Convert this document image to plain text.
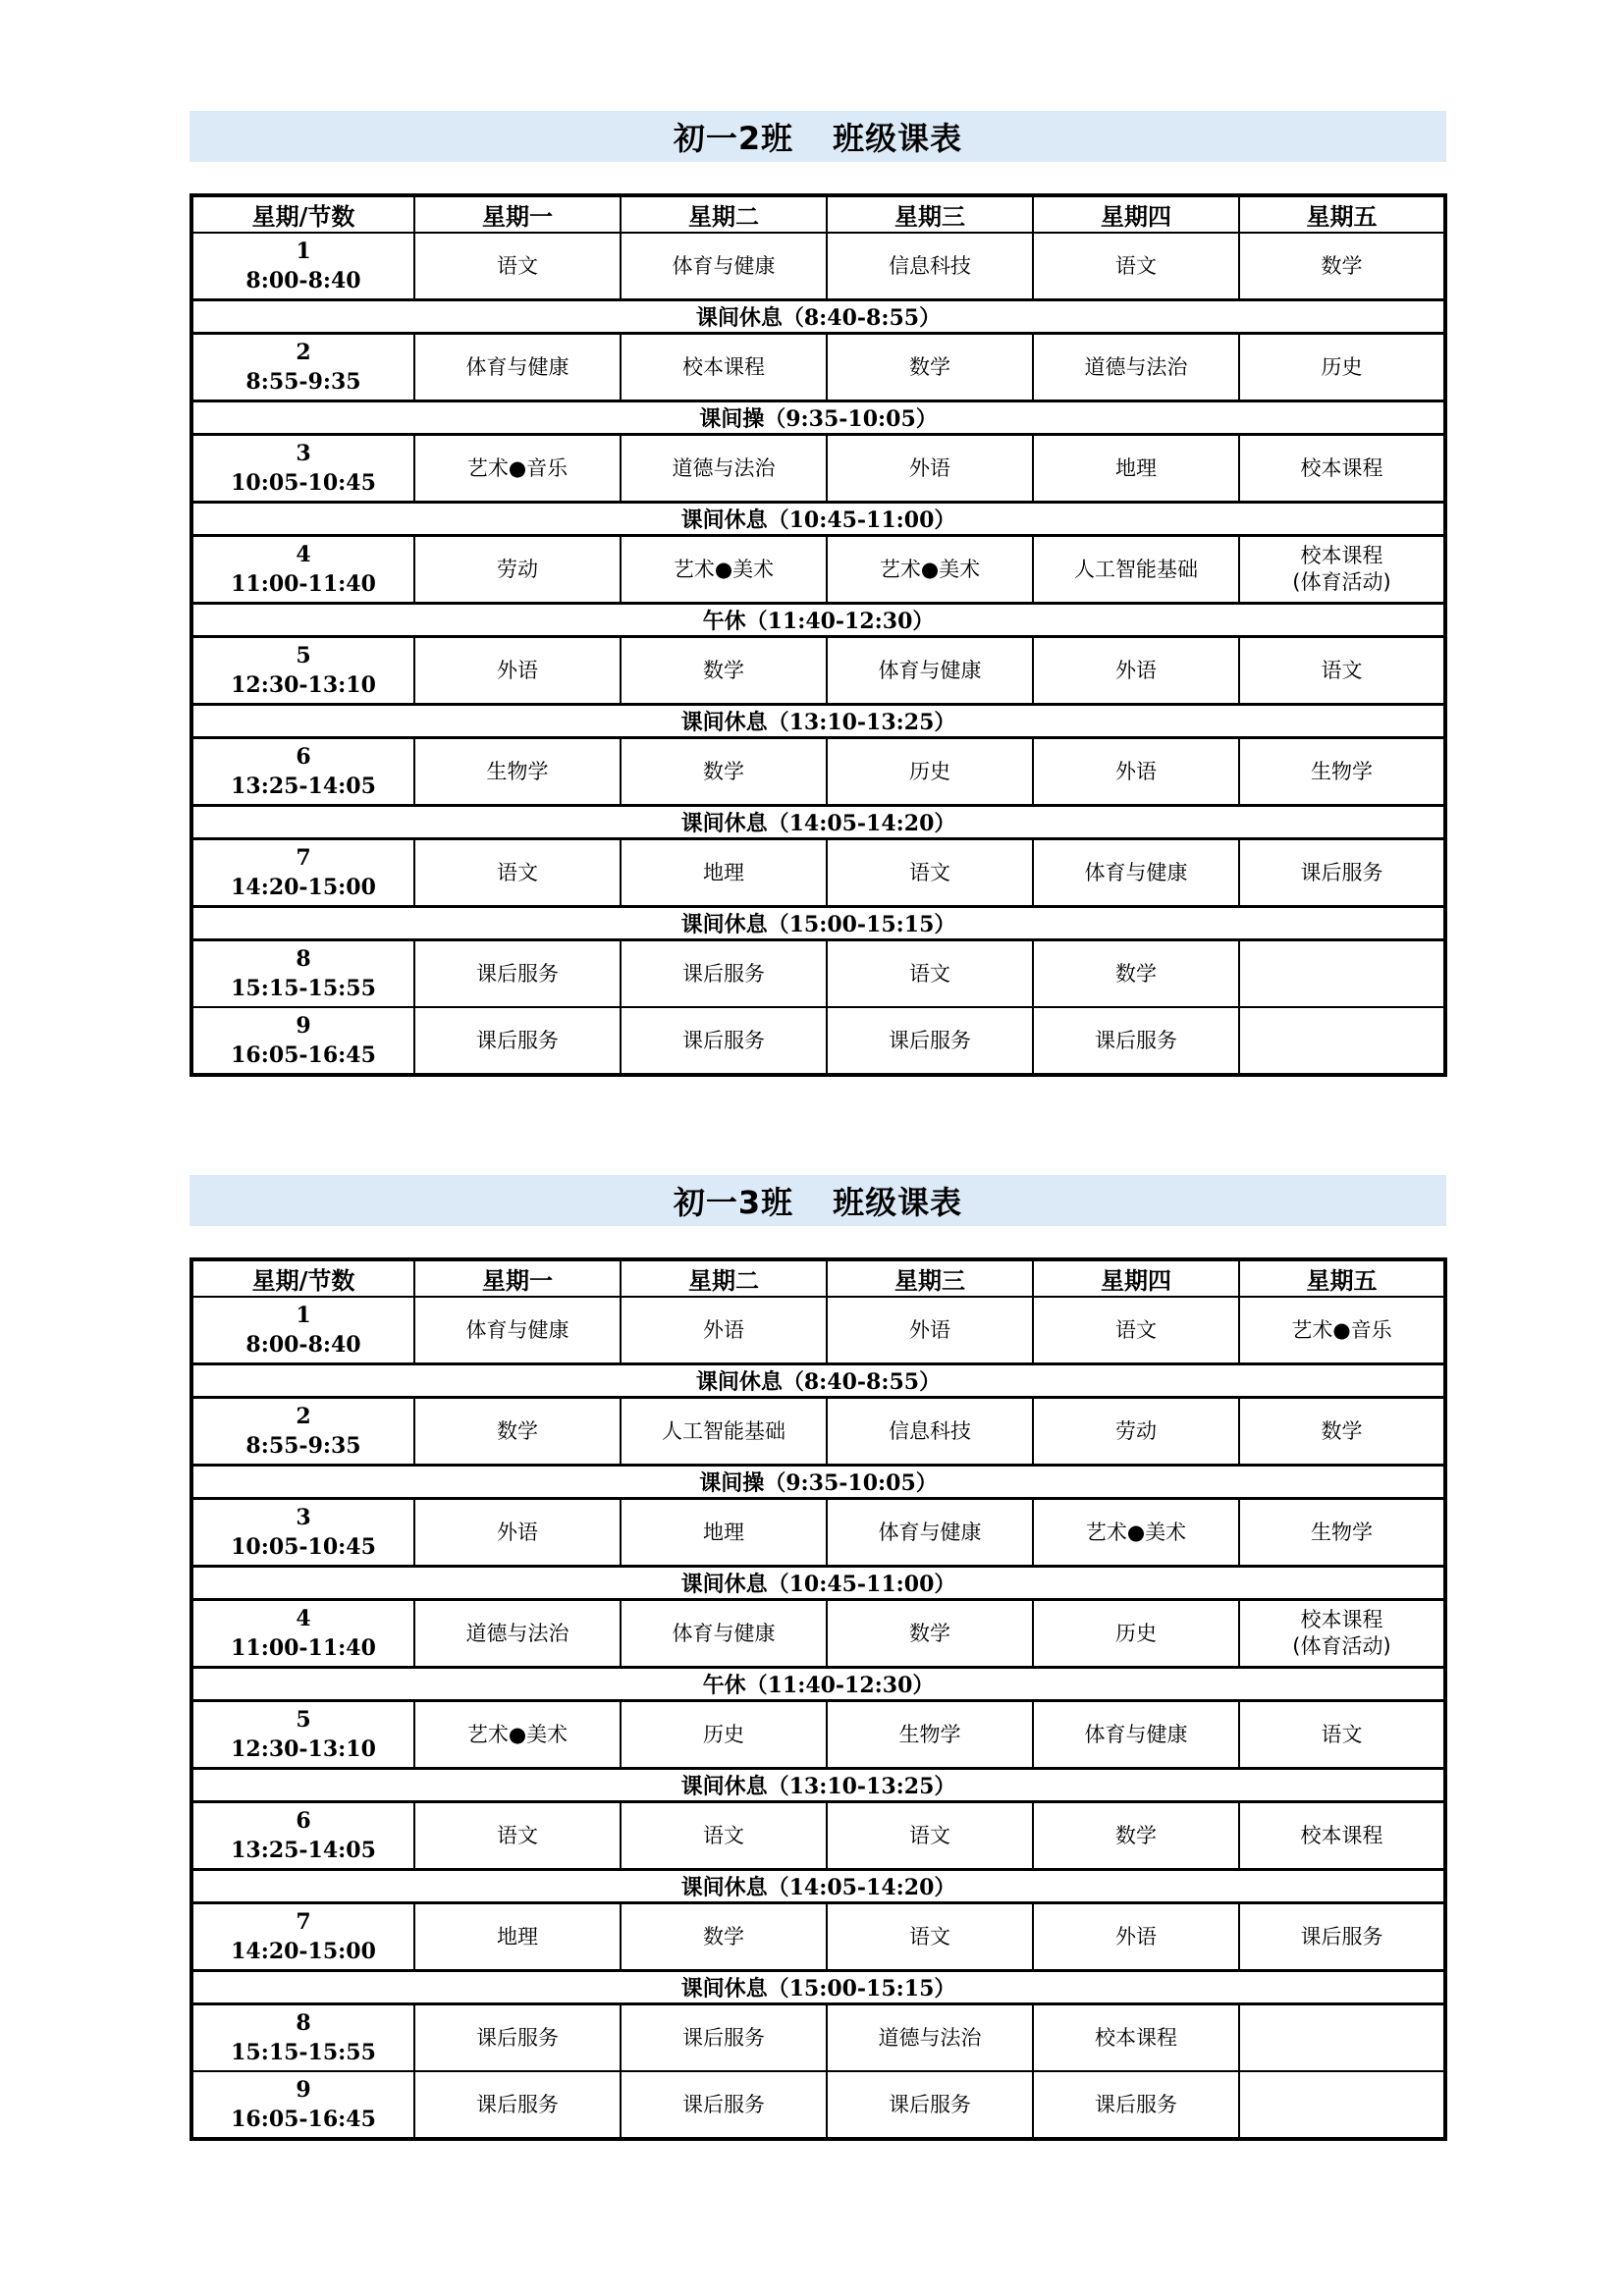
初一2班 班级课表
星期/节数	星期一	星期二	星期三	星期四	星期五

1
8:00-8:40	语文	体育与健康	信息科技	语文	数学

课间休息（8:40-8:55）					

2
8:55-9:35	体育与健康	校本课程	数学	道德与法治	历史

课间操（9:35-10:05）					

3
10:05-10:45	艺术●音乐	道德与法治	外语	地理	校本课程

课间休息（10:45-11:00）					

4
11:00-11:40	劳动	艺术●美术	艺术●美术	人工智能基础	校本课程
(体育活动)

午休（11:40-12:30）					

5
12:30-13:10	外语	数学	体育与健康	外语	语文

课间休息（13:10-13:25）					

6
13:25-14:05	生物学	数学	历史	外语	生物学

课间休息（14:05-14:20）					

7
14:20-15:00	语文	地理	语文	体育与健康	课后服务

课间休息（15:00-15:15）					

8
15:15-15:55	课后服务	课后服务	语文	数学	

9
16:05-16:45	课后服务	课后服务	课后服务	课后服务	

初一3班 班级课表
星期/节数	星期一	星期二	星期三	星期四	星期五

1
8:00-8:40	体育与健康	外语	外语	语文	艺术●音乐

课间休息（8:40-8:55）					

2
8:55-9:35	数学	人工智能基础	信息科技	劳动	数学

课间操（9:35-10:05）					

3
10:05-10:45	外语	地理	体育与健康	艺术●美术	生物学

课间休息（10:45-11:00）					

4
11:00-11:40	道德与法治	体育与健康	数学	历史	校本课程
(体育活动)

午休（11:40-12:30）					

5
12:30-13:10	艺术●美术	历史	生物学	体育与健康	语文

课间休息（13:10-13:25）					

6
13:25-14:05	语文	语文	语文	数学	校本课程

课间休息（14:05-14:20）					

7
14:20-15:00	地理	数学	语文	外语	课后服务

课间休息（15:00-15:15）					

8
15:15-15:55	课后服务	课后服务	道德与法治	校本课程	

9
16:05-16:45	课后服务	课后服务	课后服务	课后服务	
